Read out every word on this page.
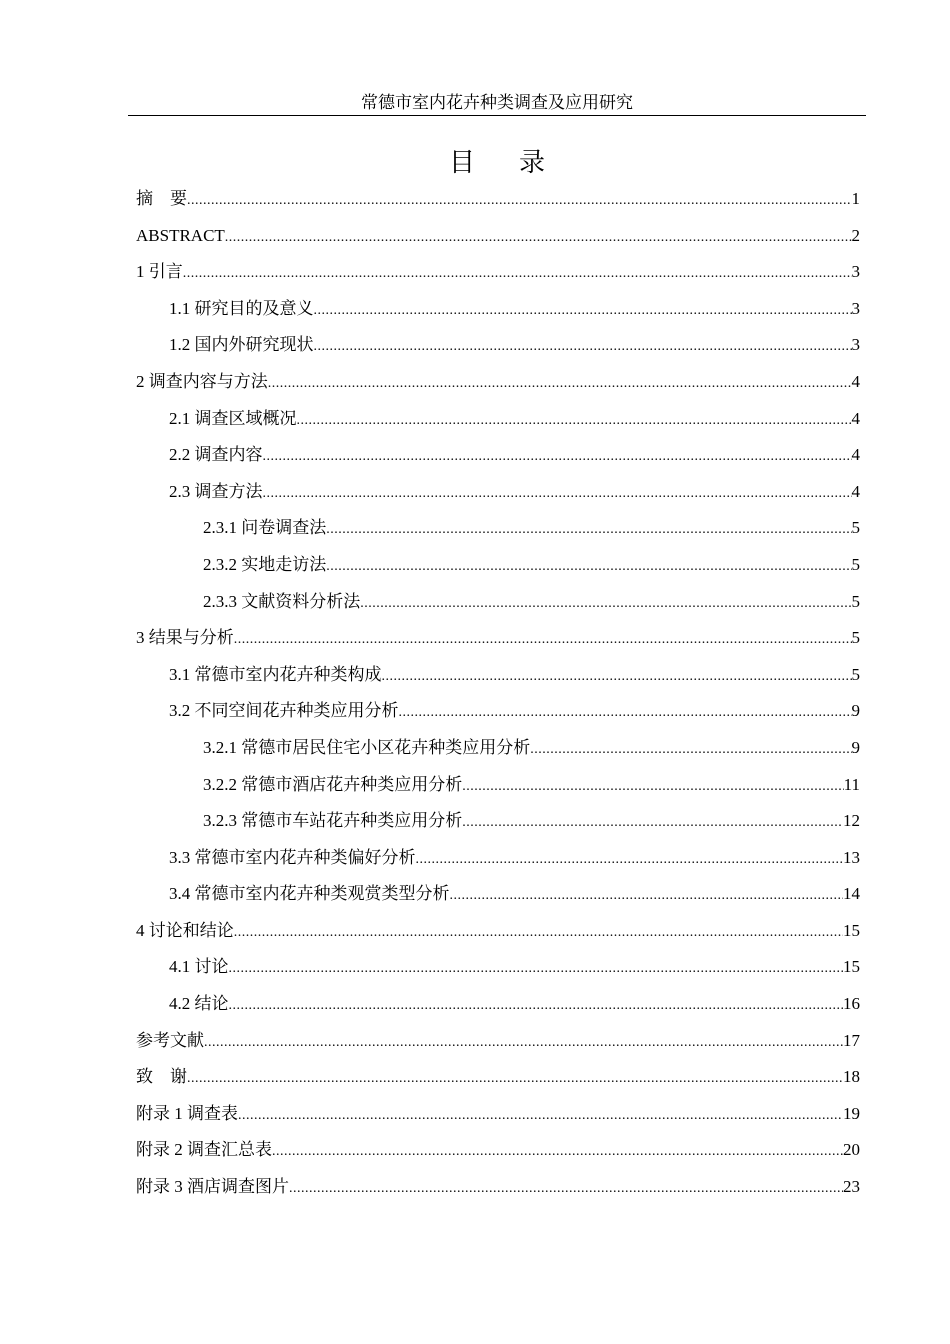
常德市室内花卉种类调查及应用研究
目录
摘　要 .....	1
ABSTRACT .....	2
1 引言 .....	3
1.1 研究目的及意义 .....	3
1.2 国内外研究现状 .....	3
2 调查内容与方法 .....	4
2.1 调查区域概况 .....	4
2.2 调查内容 .....	4
2.3 调查方法 .....	4
2.3.1 问卷调查法 .....	5
2.3.2 实地走访法 .....	5
2.3.3 文献资料分析法 .....	5
3 结果与分析 .....	5
3.1 常德市室内花卉种类构成 .....	5
3.2 不同空间花卉种类应用分析 .....	9
3.2.1 常德市居民住宅小区花卉种类应用分析 .....	9
3.2.2 常德市酒店花卉种类应用分析 .....	11
3.2.3 常德市车站花卉种类应用分析 .....	12
3.3 常德市室内花卉种类偏好分析 .....	13
3.4 常德市室内花卉种类观赏类型分析 .....	14
4 讨论和结论 .....	15
4.1 讨论 .....	15
4.2 结论 .....	16
参考文献 .....	17
致　谢 .....	18
附录 1 调查表 .....	19
附录 2 调查汇总表 .....	20
附录 3 酒店调查图片 .....	23
